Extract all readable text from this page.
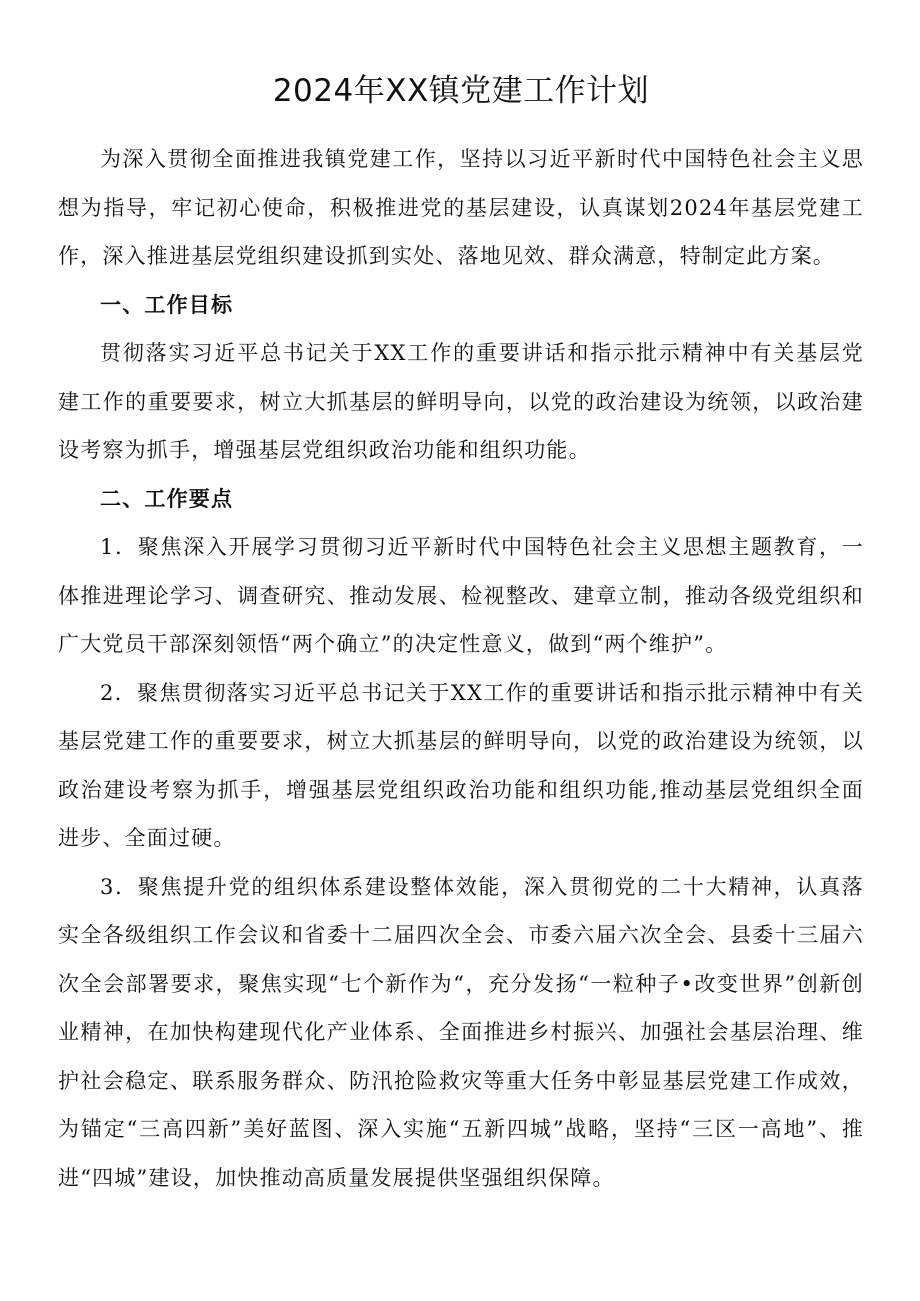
2024年XX镇党建工作计划

为深入贯彻全面推进我镇党建工作，坚持以习近平新时代中国特色社会主义思想为指导，牢记初心使命，积极推进党的基层建设，认真谋划2024年基层党建工作，深入推进基层党组织建设抓到实处、落地见效、群众满意，特制定此方案。

一、工作目标

贯彻落实习近平总书记关于XX工作的重要讲话和指示批示精神中有关基层党建工作的重要要求，树立大抓基层的鲜明导向，以党的政治建设为统领，以政治建设考察为抓手，增强基层党组织政治功能和组织功能。

二、工作要点

1．聚焦深入开展学习贯彻习近平新时代中国特色社会主义思想主题教育，一体推进理论学习、调查研究、推动发展、检视整改、建章立制，推动各级党组织和广大党员干部深刻领悟“两个确立”的决定性意义，做到“两个维护”。

2．聚焦贯彻落实习近平总书记关于XX工作的重要讲话和指示批示精神中有关基层党建工作的重要要求，树立大抓基层的鲜明导向，以党的政治建设为统领，以政治建设考察为抓手，增强基层党组织政治功能和组织功能,推动基层党组织全面进步、全面过硬。

3．聚焦提升党的组织体系建设整体效能，深入贯彻党的二十大精神，认真落实全各级组织工作会议和省委十二届四次全会、市委六届六次全会、县委十三届六次全会部署要求，聚焦实现“七个新作为“，充分发扬“一粒种子•改变世界”创新创业精神，在加快构建现代化产业体系、全面推进乡村振兴、加强社会基层治理、维护社会稳定、联系服务群众、防汛抢险救灾等重大任务中彰显基层党建工作成效，为锚定“三高四新”美好蓝图、深入实施“五新四城”战略，坚持“三区一高地”、推进“四城”建设，加快推动高质量发展提供坚强组织保障。
